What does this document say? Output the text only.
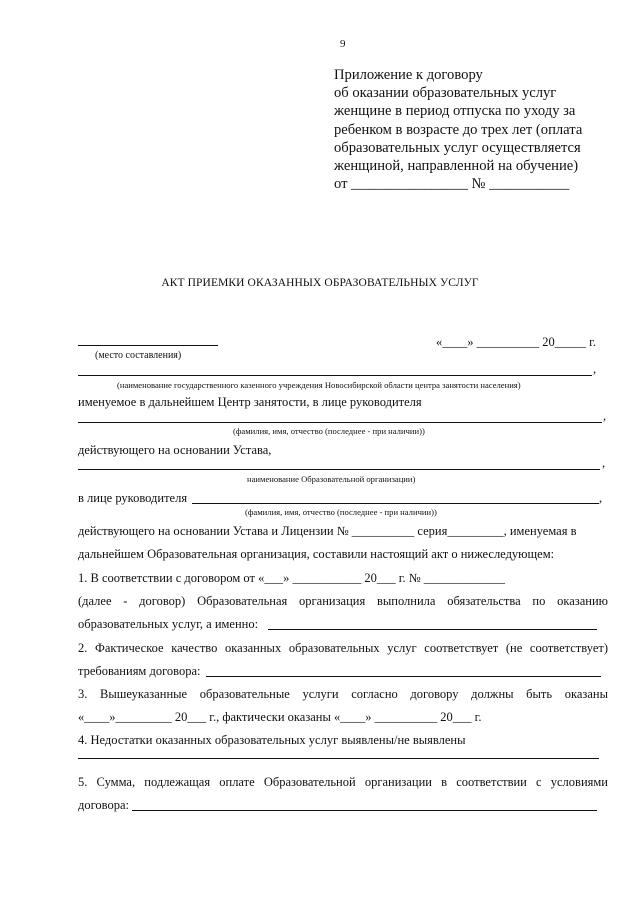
9
Приложение к договору
об оказании образовательных услуг
женщине в период отпуска по уходу за
ребенком в возрасте до трех лет (оплата
образовательных услуг осуществляется
женщиной, направленной на обучение)
от ________________ № ___________
АКТ ПРИЕМКИ ОКАЗАННЫХ ОБРАЗОВАТЕЛЬНЫХ УСЛУГ
«____» __________ 20_____ г.
(место составления)
,
(наименование государственного казенного учреждения Новосибирской области центра занятости населения)
именуемое в дальнейшем Центр занятости, в лице руководителя
,
(фамилия, имя, отчество (последнее - при наличии))
действующего на основании Устава,
,
наименование Образовательной организации)
в лице руководителя	,
(фамилия, имя, отчество (последнее - при наличии))
действующего на основании Устава и Лицензии № __________ серия_________, именуемая в
дальнейшем Образовательная организация, составили настоящий акт о нижеследующем:
1. В соответствии с договором от «___» ___________ 20___ г. № _____________
(далее - договор) Образовательная организация выполнила обязательства по оказанию
образовательных услуг, а именно:
2. Фактическое качество оказанных образовательных услуг соответствует (не соответствует)
требованиям договора:
3. Вышеуказанные образовательные услуги согласно договору должны быть оказаны
«____»_________ 20___ г., фактически оказаны «____» __________ 20___ г.
4. Недостатки оказанных образовательных услуг выявлены/не выявлены
5. Сумма, подлежащая оплате Образовательной организации в соответствии с условиями
договора:
